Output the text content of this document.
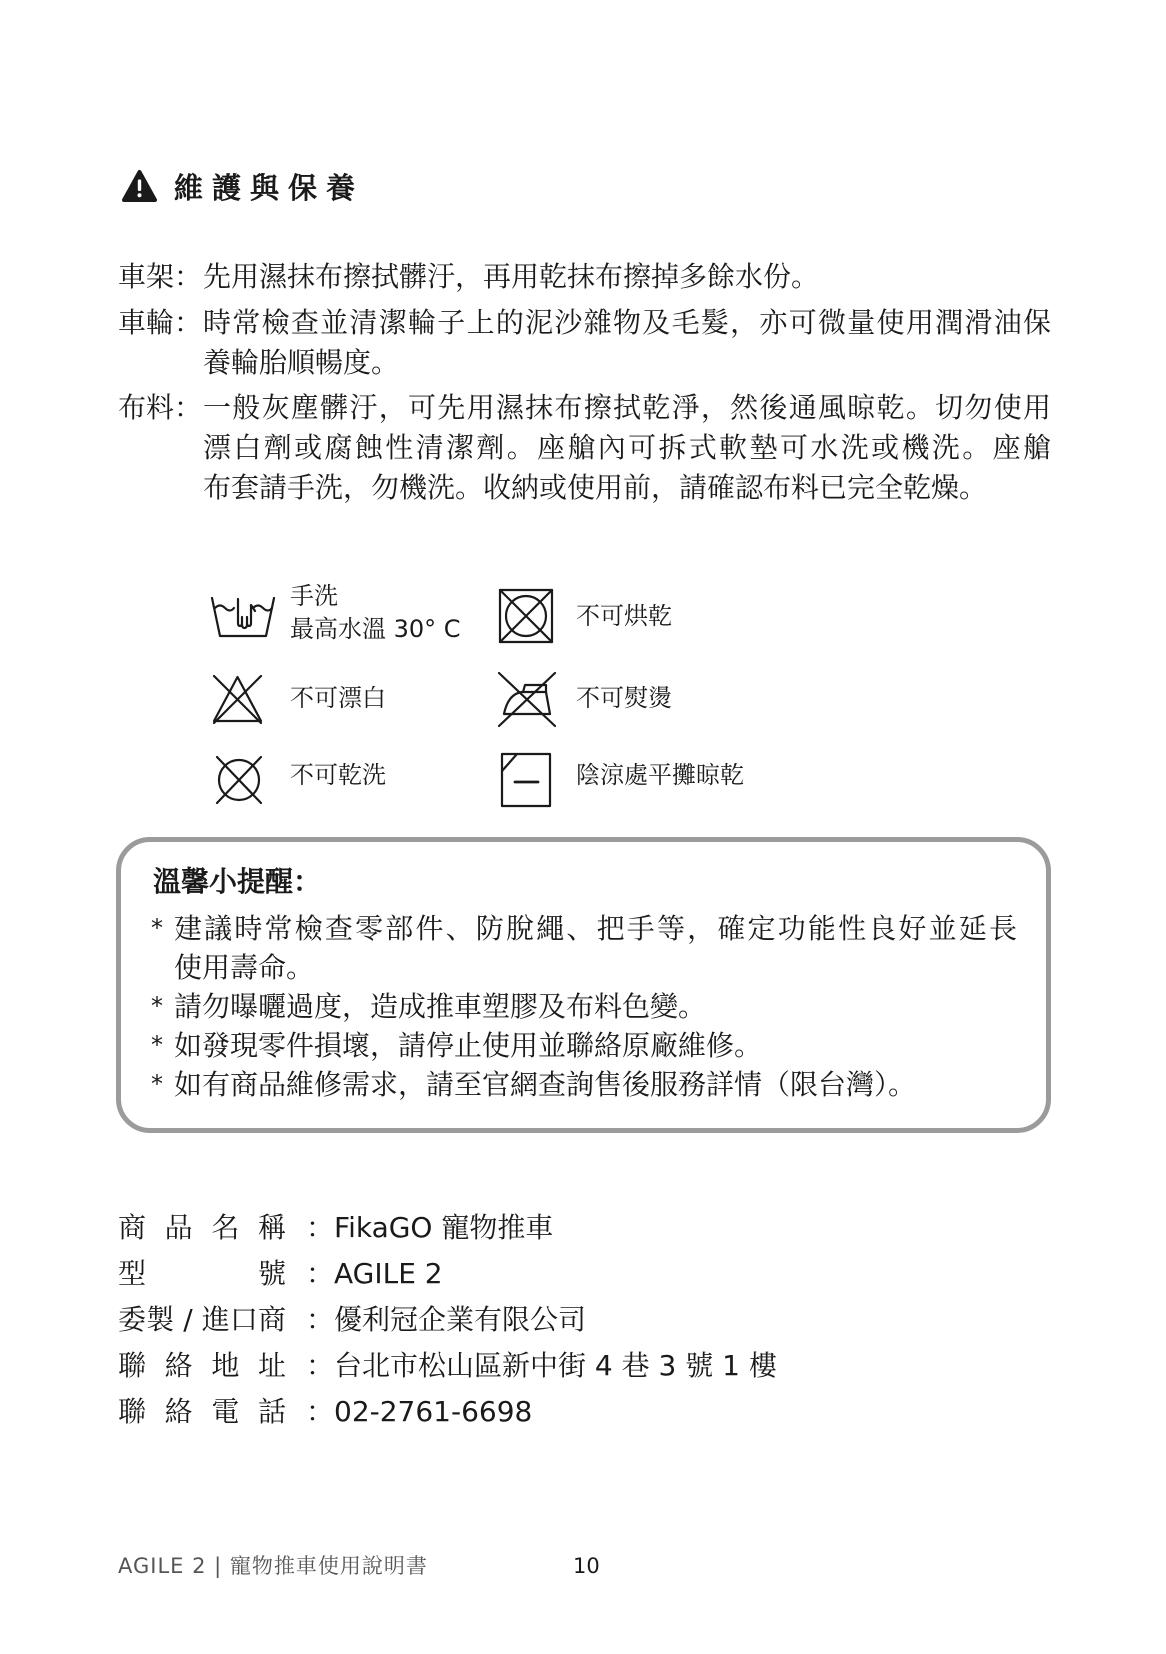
維護與保養
車架： 先用濕抹布擦拭髒汙，再用乾抹布擦掉多餘水份。
車輪： 時常檢查並清潔輪子上的泥沙雜物及毛髮，亦可微量使用潤滑油保
養輪胎順暢度。
布料： 一般灰塵髒汙，可先用濕抹布擦拭乾淨，然後通風晾乾。切勿使用
漂白劑或腐蝕性清潔劑。座艙內可拆式軟墊可水洗或機洗。座艙
布套請手洗，勿機洗。收納或使用前，請確認布料已完全乾燥。
手洗
最高水溫 30° C	不可烘乾
不可漂白	不可熨燙
不可乾洗	陰涼處平攤晾乾
溫馨小提醒：
* 建議時常檢查零部件、防脫繩、把手等，確定功能性良好並延長
使用壽命。
* 請勿曝曬過度，造成推車塑膠及布料色變。
* 如發現零件損壞，請停止使用並聯絡原廠維修。
* 如有商品維修需求，請至官網查詢售後服務詳情（限台灣）。
商品名稱 ： FikaGO 寵物推車
型號 ： AGILE 2
委製 / 進口商 ： 優利冠企業有限公司
聯絡地址 ： 台北市松山區新中街 4 巷 3 號 1 樓
聯絡電話 ： 02-2761-6698
AGILE 2 | 寵物推車使用說明書	10
